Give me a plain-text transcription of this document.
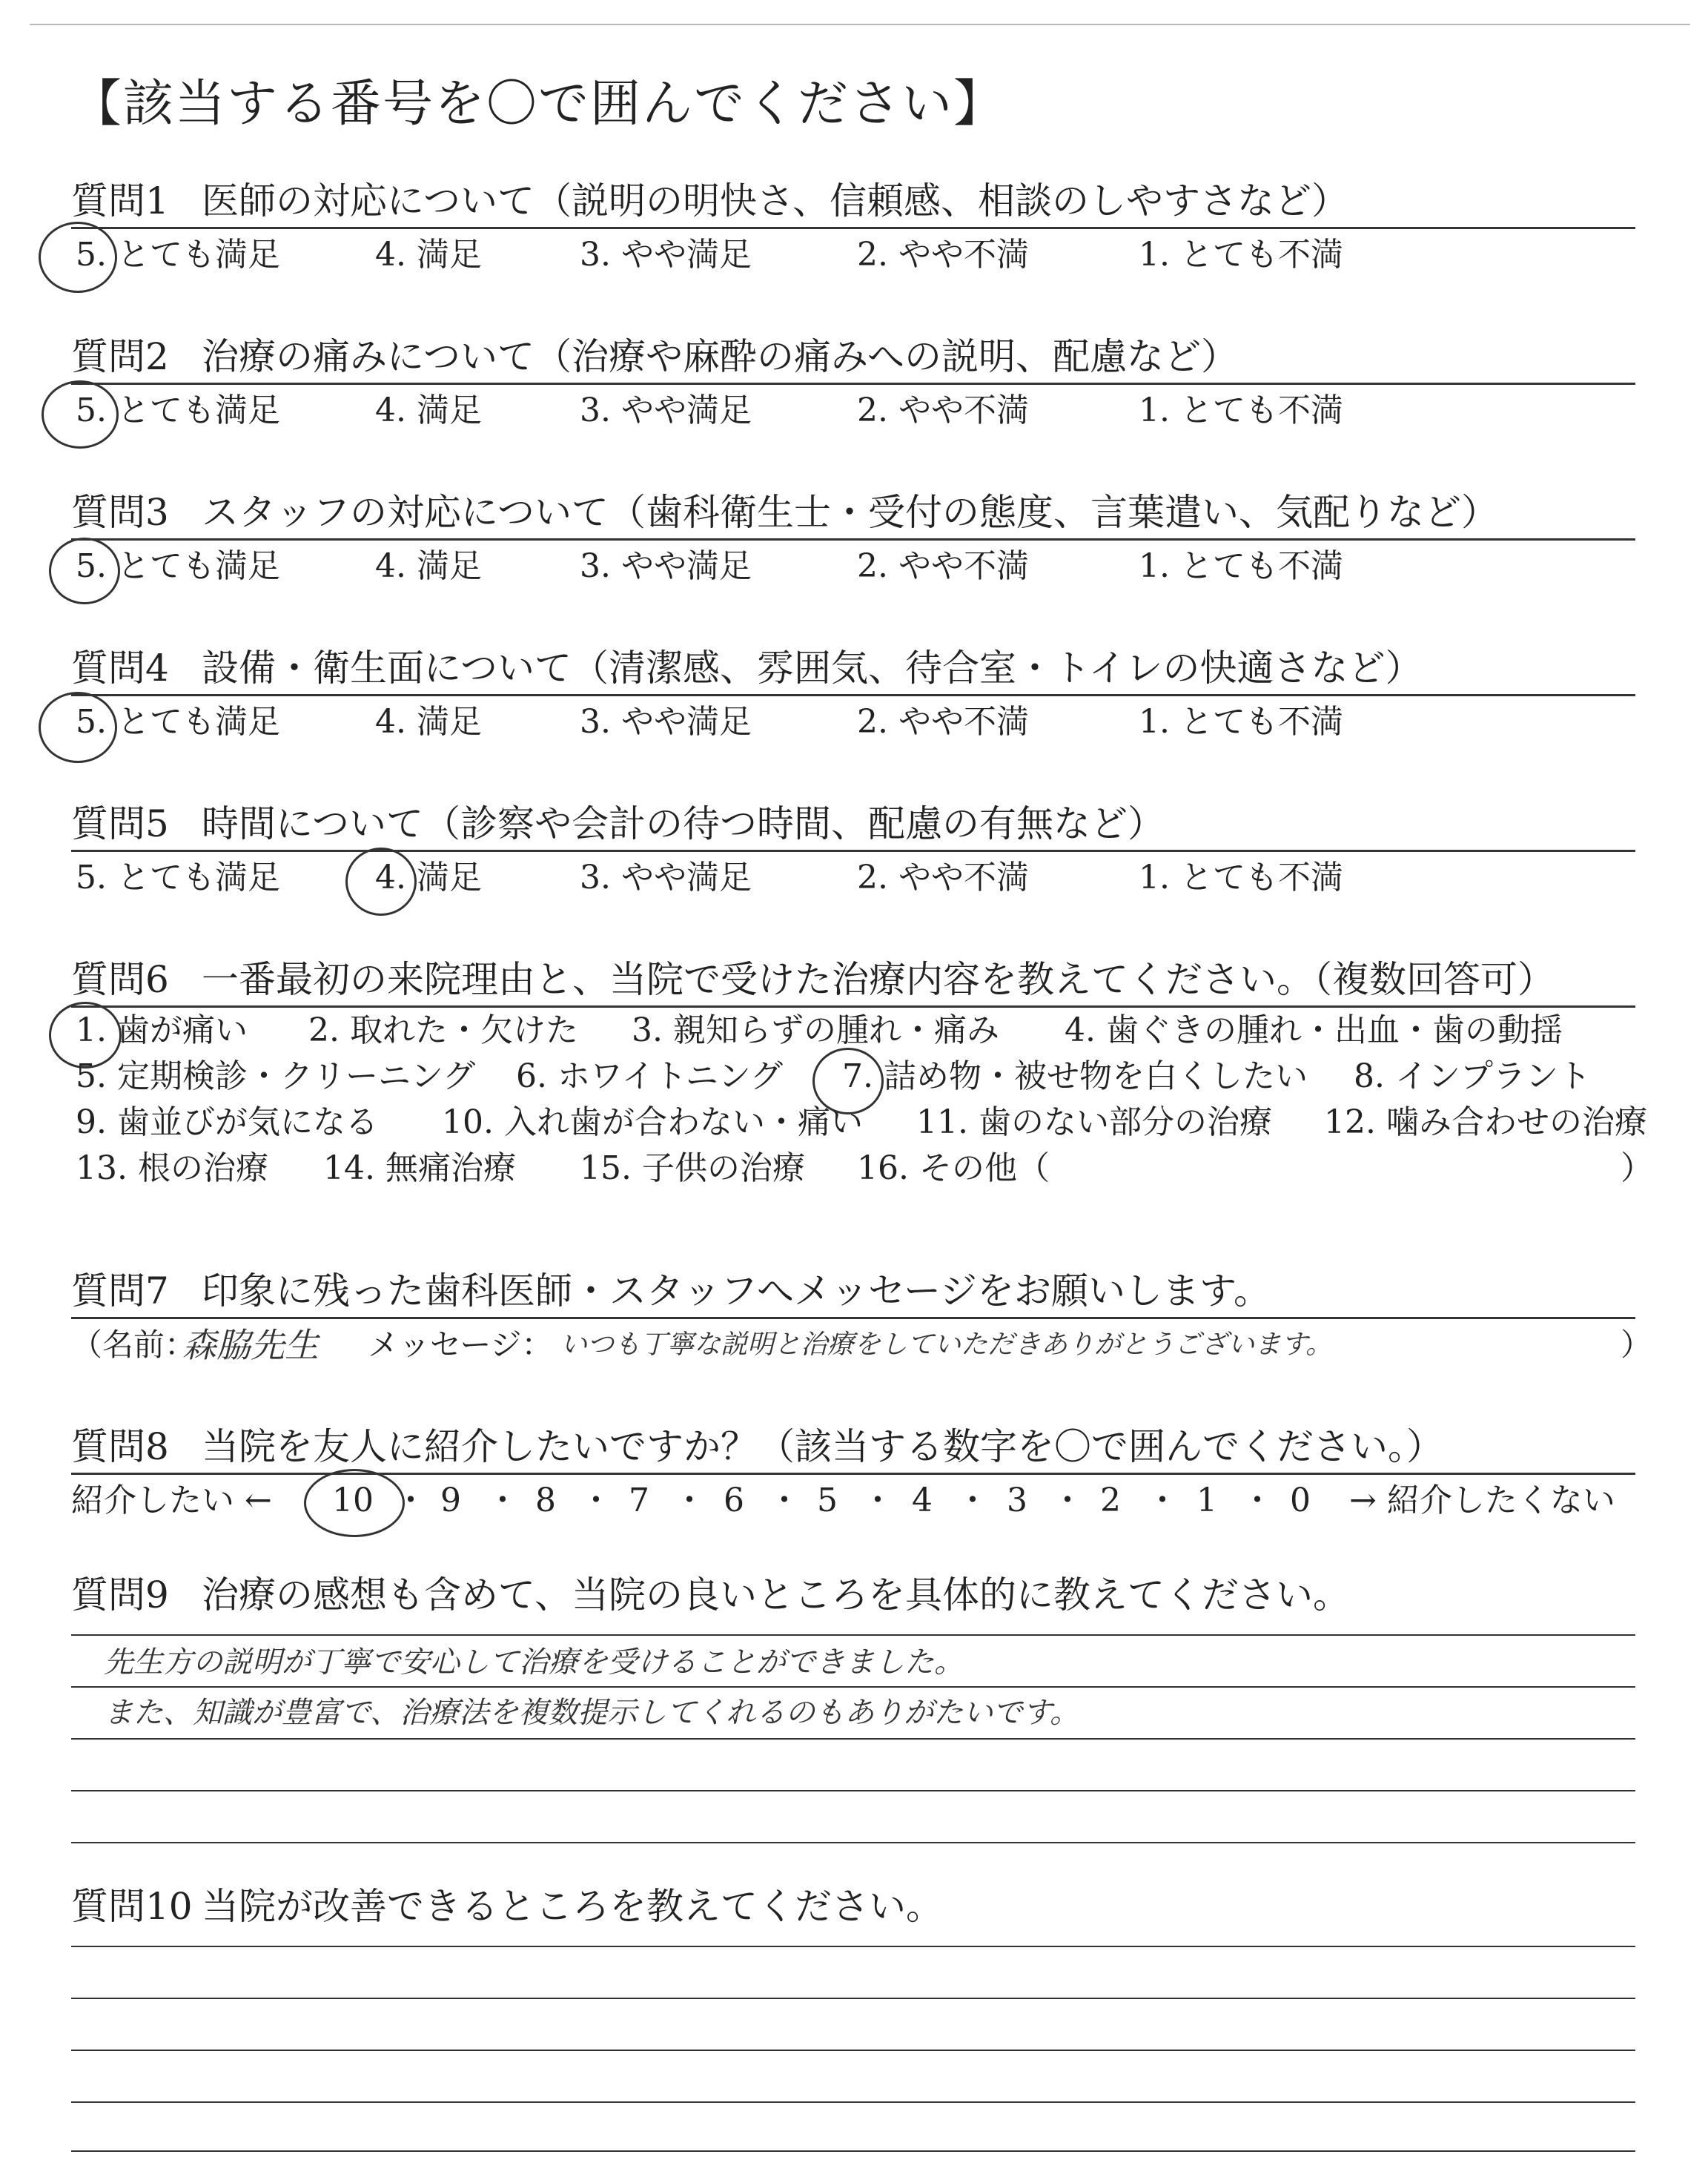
【該当する番号を〇で囲んでください】
質問1 医師の対応について（説明の明快さ、信頼感、相談のしやすさなど）
5. とても満足	4. 満足	3. やや満足	2. やや不満	1. とても不満
質問2 治療の痛みについて（治療や麻酔の痛みへの説明、配慮など）
5. とても満足	4. 満足	3. やや満足	2. やや不満	1. とても不満
質問3 スタッフの対応について（歯科衛生士・受付の態度、言葉遣い、気配りなど）
5. とても満足	4. 満足	3. やや満足	2. やや不満	1. とても不満
質問4 設備・衛生面について（清潔感、雰囲気、待合室・トイレの快適さなど）
5. とても満足	4. 満足	3. やや満足	2. やや不満	1. とても不満
質問5 時間について（診察や会計の待つ時間、配慮の有無など）
5. とても満足	4. 満足	3. やや満足	2. やや不満	1. とても不満
質問6 一番最初の来院理由と、当院で受けた治療内容を教えてください。（複数回答可）
1. 歯が痛い 2. 取れた・欠けた 3. 親知らずの腫れ・痛み 4. 歯ぐきの腫れ・出血・歯の動揺
5. 定期検診・クリーニング 6. ホワイトニング 7. 詰め物・被せ物を白くしたい 8. インプラント
9. 歯並びが気になる 10. 入れ歯が合わない・痛い 11. 歯のない部分の治療 12. 噛み合わせの治療
13. 根の治療 14. 無痛治療 15. 子供の治療 16. その他（	）
質問7 印象に残った歯科医師・スタッフへメッセージをお願いします。
（名前：
森脇先生 メッセージ： いつも丁寧な説明と治療をしていただきありがとうございます。	）
質問8 当院を友人に紹介したいですか？（該当する数字を〇で囲んでください。）
紹介したい ← 10 ・ 9 ・ 8 ・ 7 ・ 6 ・ 5 ・ 4 ・ 3 ・ 2 ・ 1 ・ 0 → 紹介したくない
質問9 治療の感想も含めて、当院の良いところを具体的に教えてください。
先生方の説明が丁寧で安心して治療を受けることができました。
また、知識が豊富で、治療法を複数提示してくれるのもありがたいです。
質問10 当院が改善できるところを教えてください。
